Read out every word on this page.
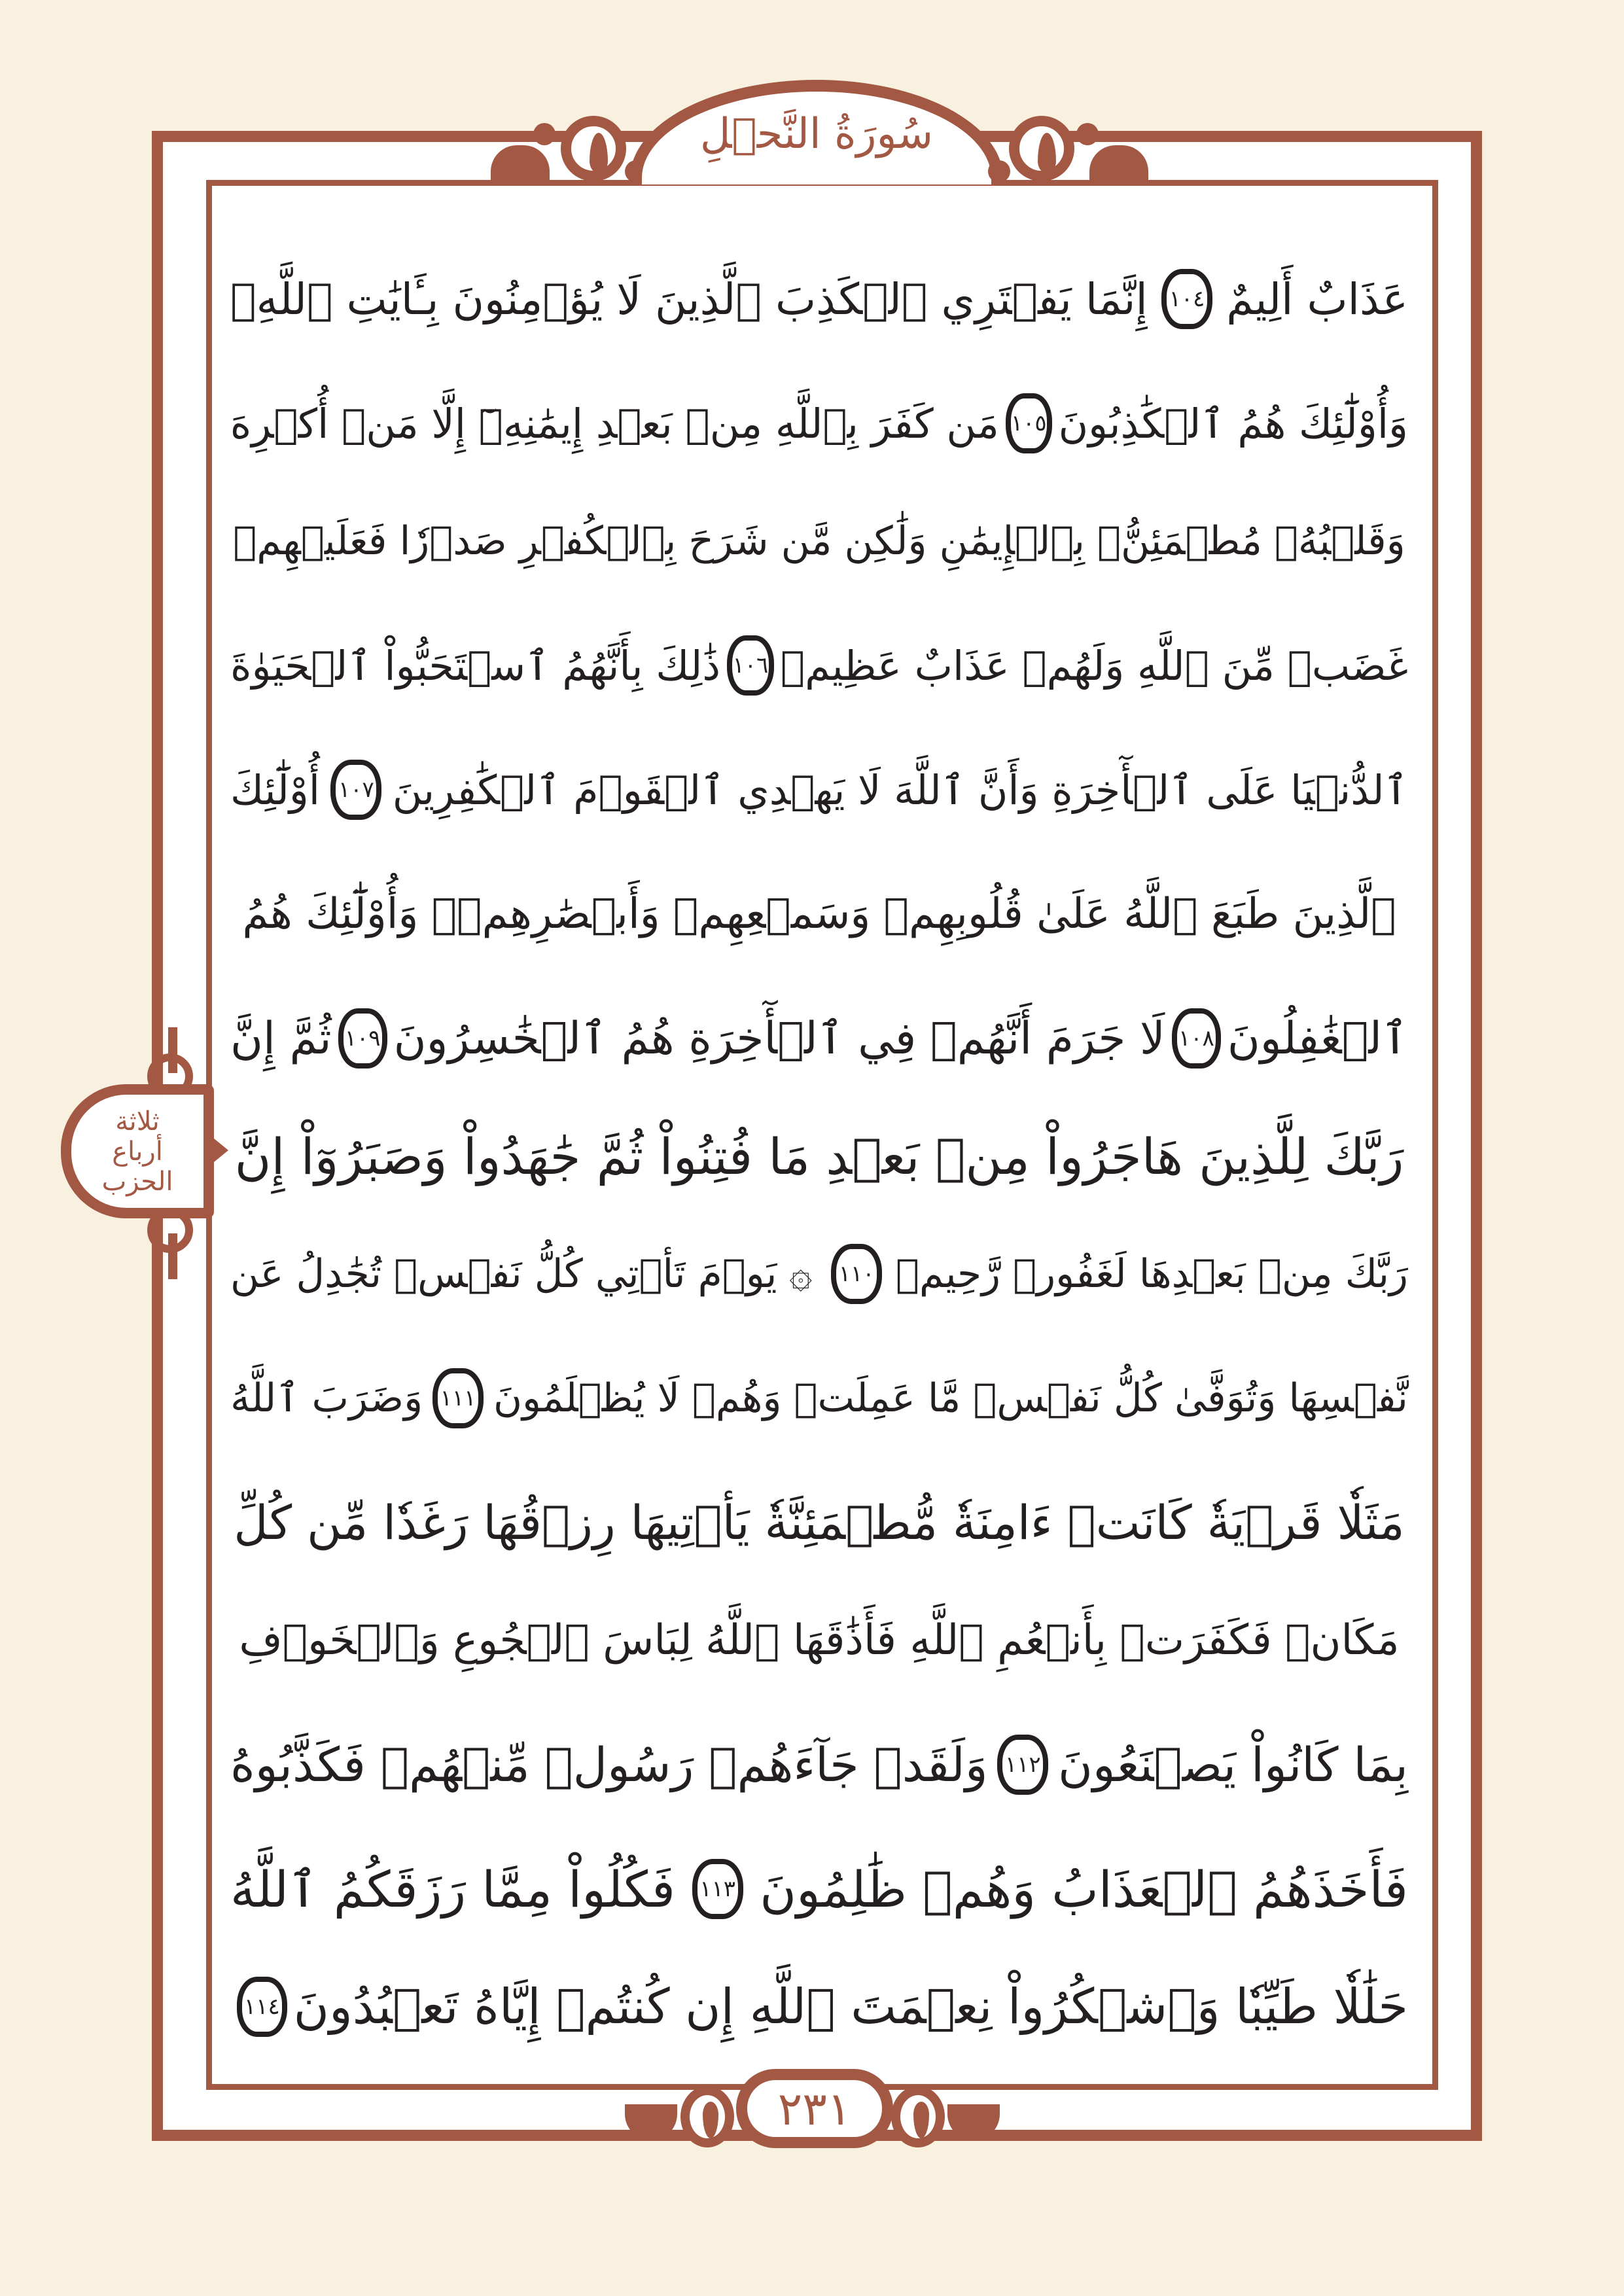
سُورَةُ النَّحۡلِ
ثلاثة
أرباع
الحزب
عَذَابٌ أَلِيمٌ
١٠٤
إِنَّمَا يَفۡتَرِي ٱلۡكَذِبَ ٱلَّذِينَ لَا يُؤۡمِنُونَ بِـَٔايَٰتِ ٱللَّهِۖ
وَأُوْلَٰٓئِكَ هُمُ ٱلۡكَٰذِبُونَ
١٠٥
مَن كَفَرَ بِٱللَّهِ مِنۢ بَعۡدِ إِيمَٰنِهِۦٓ إِلَّا مَنۡ أُكۡرِهَ
وَقَلۡبُهُۥ مُطۡمَئِنُّۢ بِٱلۡإِيمَٰنِ وَلَٰكِن مَّن شَرَحَ بِٱلۡكُفۡرِ صَدۡرٗا فَعَلَيۡهِمۡ
غَضَبٞ مِّنَ ٱللَّهِ وَلَهُمۡ عَذَابٌ عَظِيمٞ
١٠٦
ذَٰلِكَ بِأَنَّهُمُ ٱسۡتَحَبُّواْ ٱلۡحَيَوٰةَ
ٱلدُّنۡيَا عَلَى ٱلۡأٓخِرَةِ وَأَنَّ ٱللَّهَ لَا يَهۡدِي ٱلۡقَوۡمَ ٱلۡكَٰفِرِينَ
١٠٧
أُوْلَٰٓئِكَ
ٱلَّذِينَ طَبَعَ ٱللَّهُ عَلَىٰ قُلُوبِهِمۡ وَسَمۡعِهِمۡ وَأَبۡصَٰرِهِمۡۖ وَأُوْلَٰٓئِكَ هُمُ
ٱلۡغَٰفِلُونَ
١٠٨
لَا جَرَمَ أَنَّهُمۡ فِي ٱلۡأٓخِرَةِ هُمُ ٱلۡخَٰسِرُونَ
١٠٩
ثُمَّ إِنَّ
رَبَّكَ لِلَّذِينَ هَاجَرُواْ مِنۢ بَعۡدِ مَا فُتِنُواْ ثُمَّ جَٰهَدُواْ وَصَبَرُوٓاْ إِنَّ
رَبَّكَ مِنۢ بَعۡدِهَا لَغَفُورٞ رَّحِيمٞ
١١٠
۞
يَوۡمَ تَأۡتِي كُلُّ نَفۡسٖ تُجَٰدِلُ عَن
نَّفۡسِهَا وَتُوَفَّىٰ كُلُّ نَفۡسٖ مَّا عَمِلَتۡ وَهُمۡ لَا يُظۡلَمُونَ
١١١
وَضَرَبَ ٱللَّهُ
مَثَلٗا قَرۡيَةٗ كَانَتۡ ءَامِنَةٗ مُّطۡمَئِنَّةٗ يَأۡتِيهَا رِزۡقُهَا رَغَدٗا مِّن كُلِّ
مَكَانٖ فَكَفَرَتۡ بِأَنۡعُمِ ٱللَّهِ فَأَذَٰقَهَا ٱللَّهُ لِبَاسَ ٱلۡجُوعِ وَٱلۡخَوۡفِ
بِمَا كَانُواْ يَصۡنَعُونَ
١١٢
وَلَقَدۡ جَآءَهُمۡ رَسُولٞ مِّنۡهُمۡ فَكَذَّبُوهُ
فَأَخَذَهُمُ ٱلۡعَذَابُ وَهُمۡ ظَٰلِمُونَ
١١٣
فَكُلُواْ مِمَّا رَزَقَكُمُ ٱللَّهُ
حَلَٰلٗا طَيِّبٗا وَٱشۡكُرُواْ نِعۡمَتَ ٱللَّهِ إِن كُنتُمۡ إِيَّاهُ تَعۡبُدُونَ
١١٤
٢٣١
